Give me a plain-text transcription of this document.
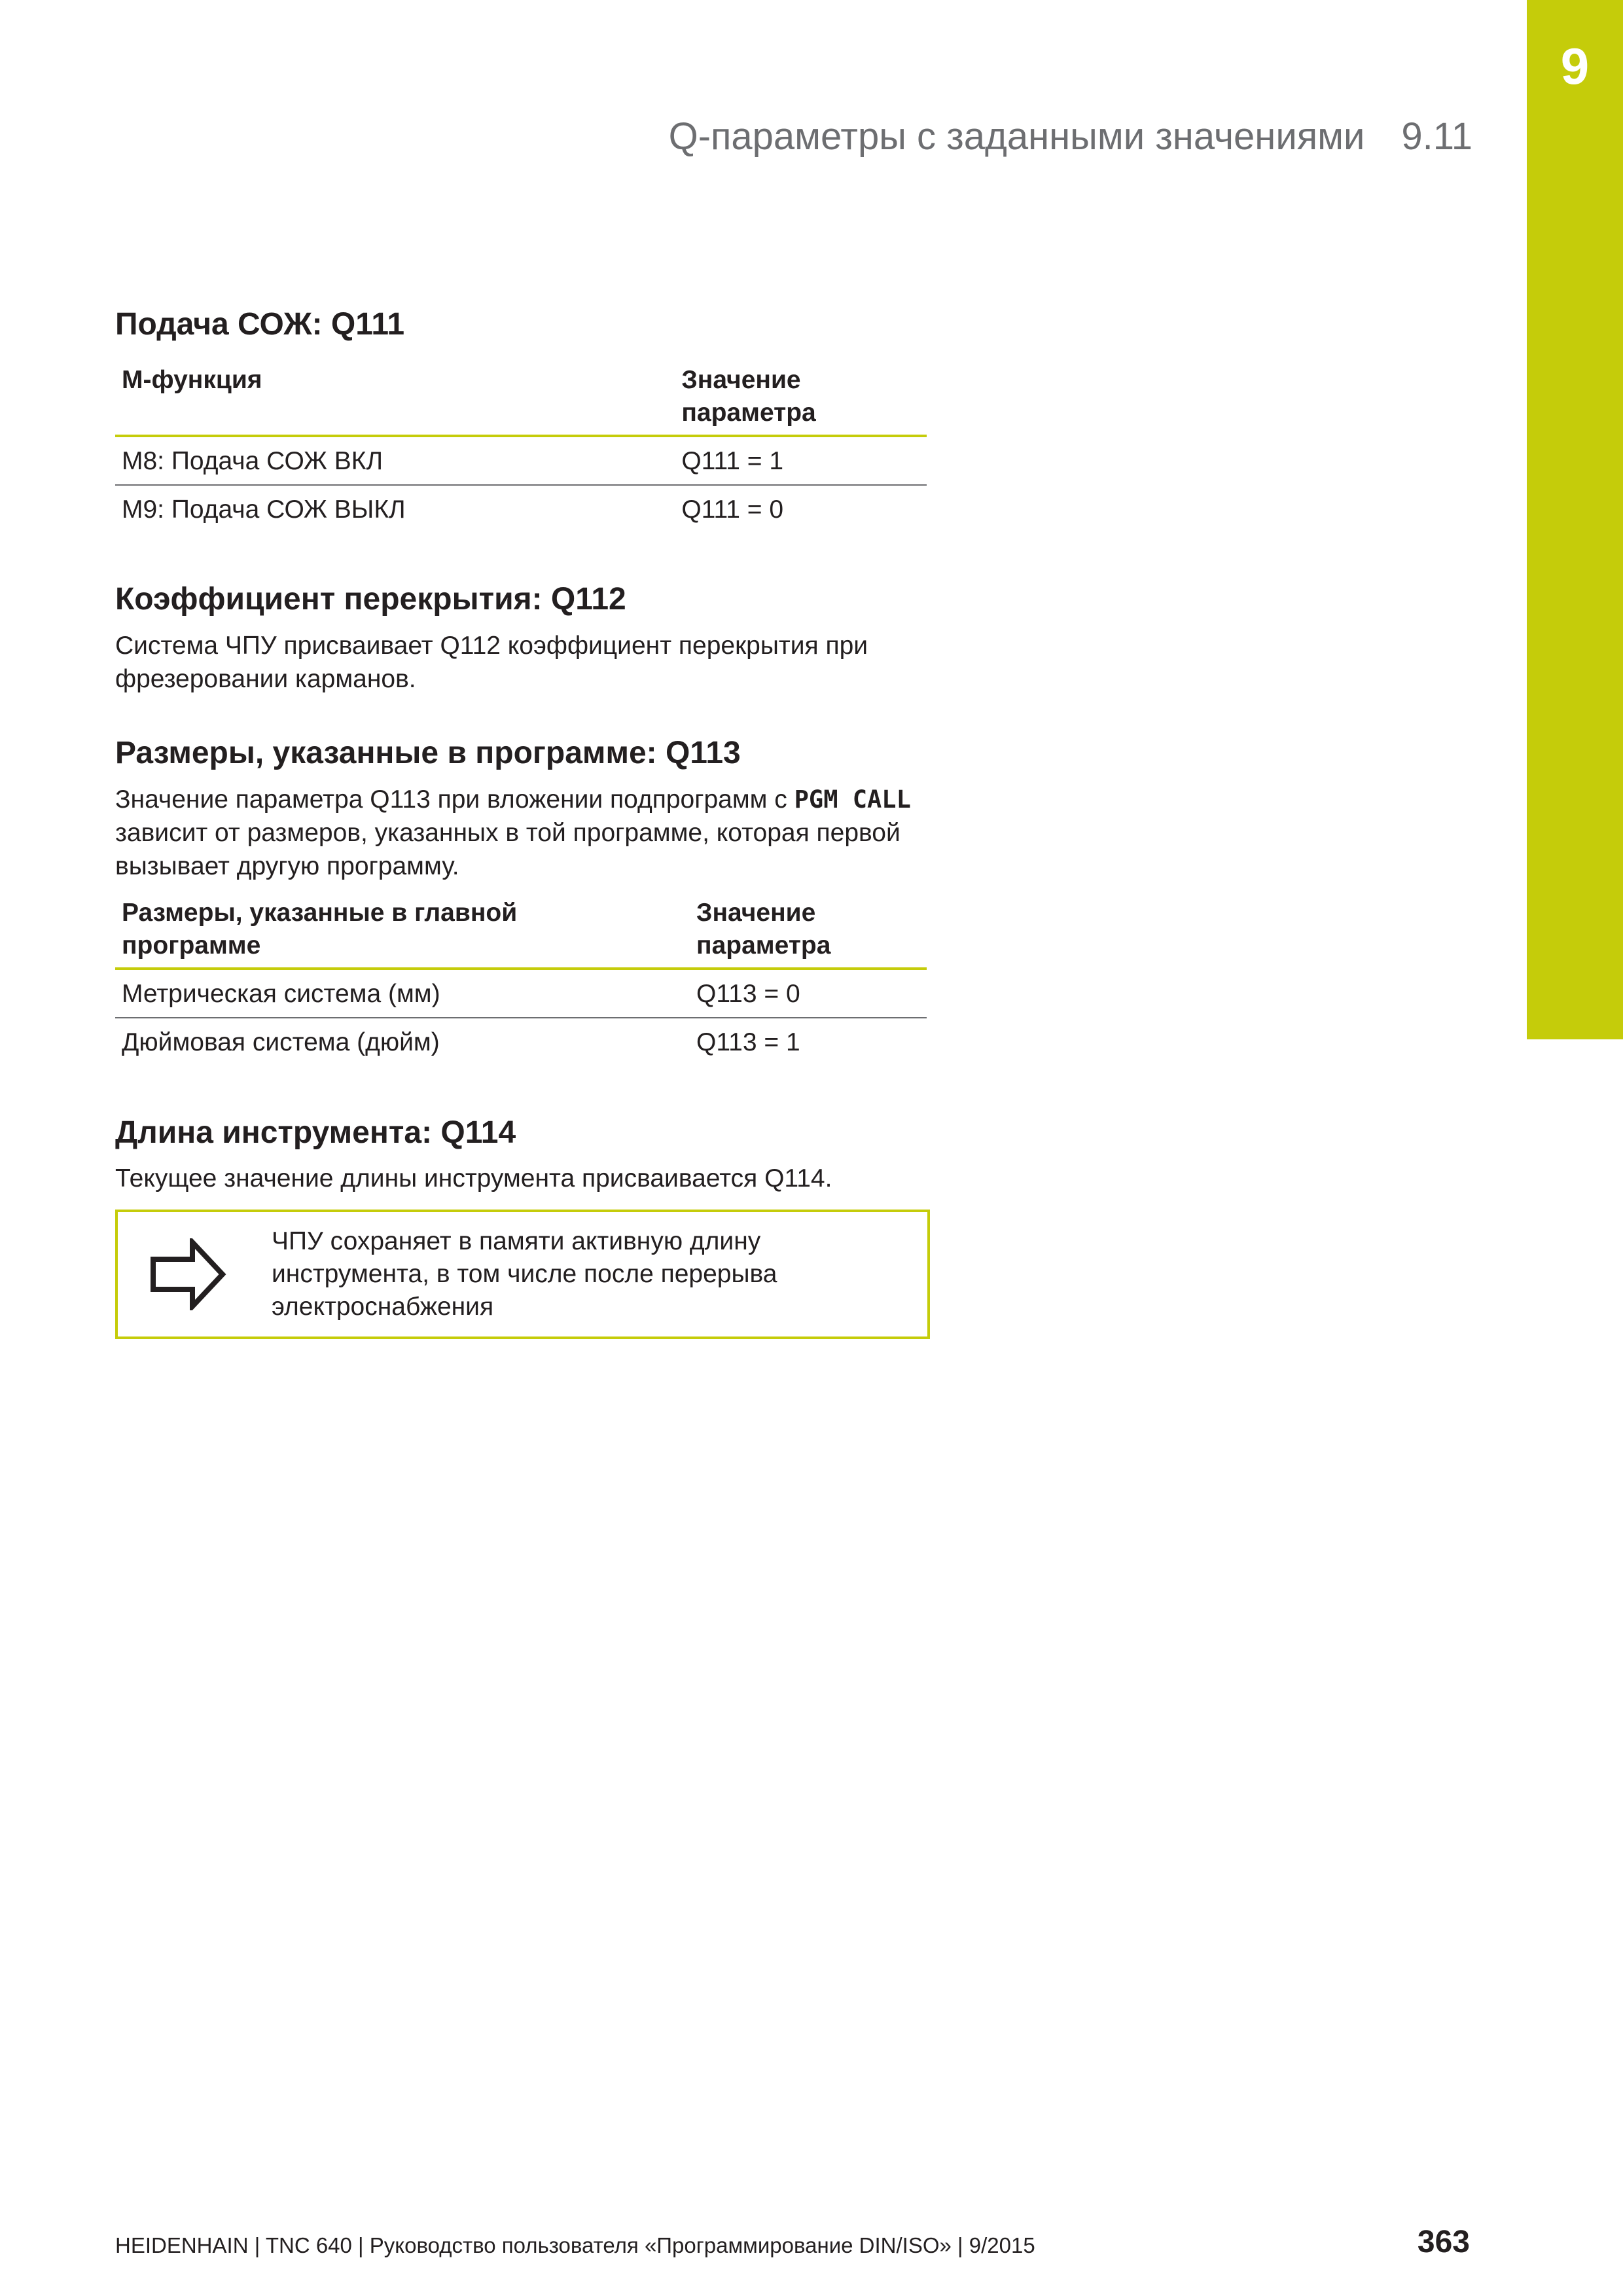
9
Q-параметры с заданными значениями 9.11
Подача СОЖ: Q111
M-функция	Значение параметра
M8: Подача СОЖ ВКЛ	Q111 = 1
M9: Подача СОЖ ВЫКЛ	Q111 = 0
Коэффициент перекрытия: Q112

Система ЧПУ присваивает Q112 коэффициент перекрытия при фрезеровании карманов.

Размеры, указанные в программе: Q113

Значение параметра Q113 при вложении подпрограмм с PGM CALL зависит от размеров, указанных в той программе, которая первой вызывает другую программу.

Размеры, указанные в главной программе	Значение параметра
Метрическая система (мм)	Q113 = 0
Дюймовая система (дюйм)	Q113 = 1
Длина инструмента: Q114

Текущее значение длины инструмента присваивается Q114.

ЧПУ сохраняет в памяти активную длину инструмента, в том числе после перерыва электроснабжения

HEIDENHAIN | TNC 640 | Руководство пользователя «Программирование DIN/ISO» | 9/2015	363
